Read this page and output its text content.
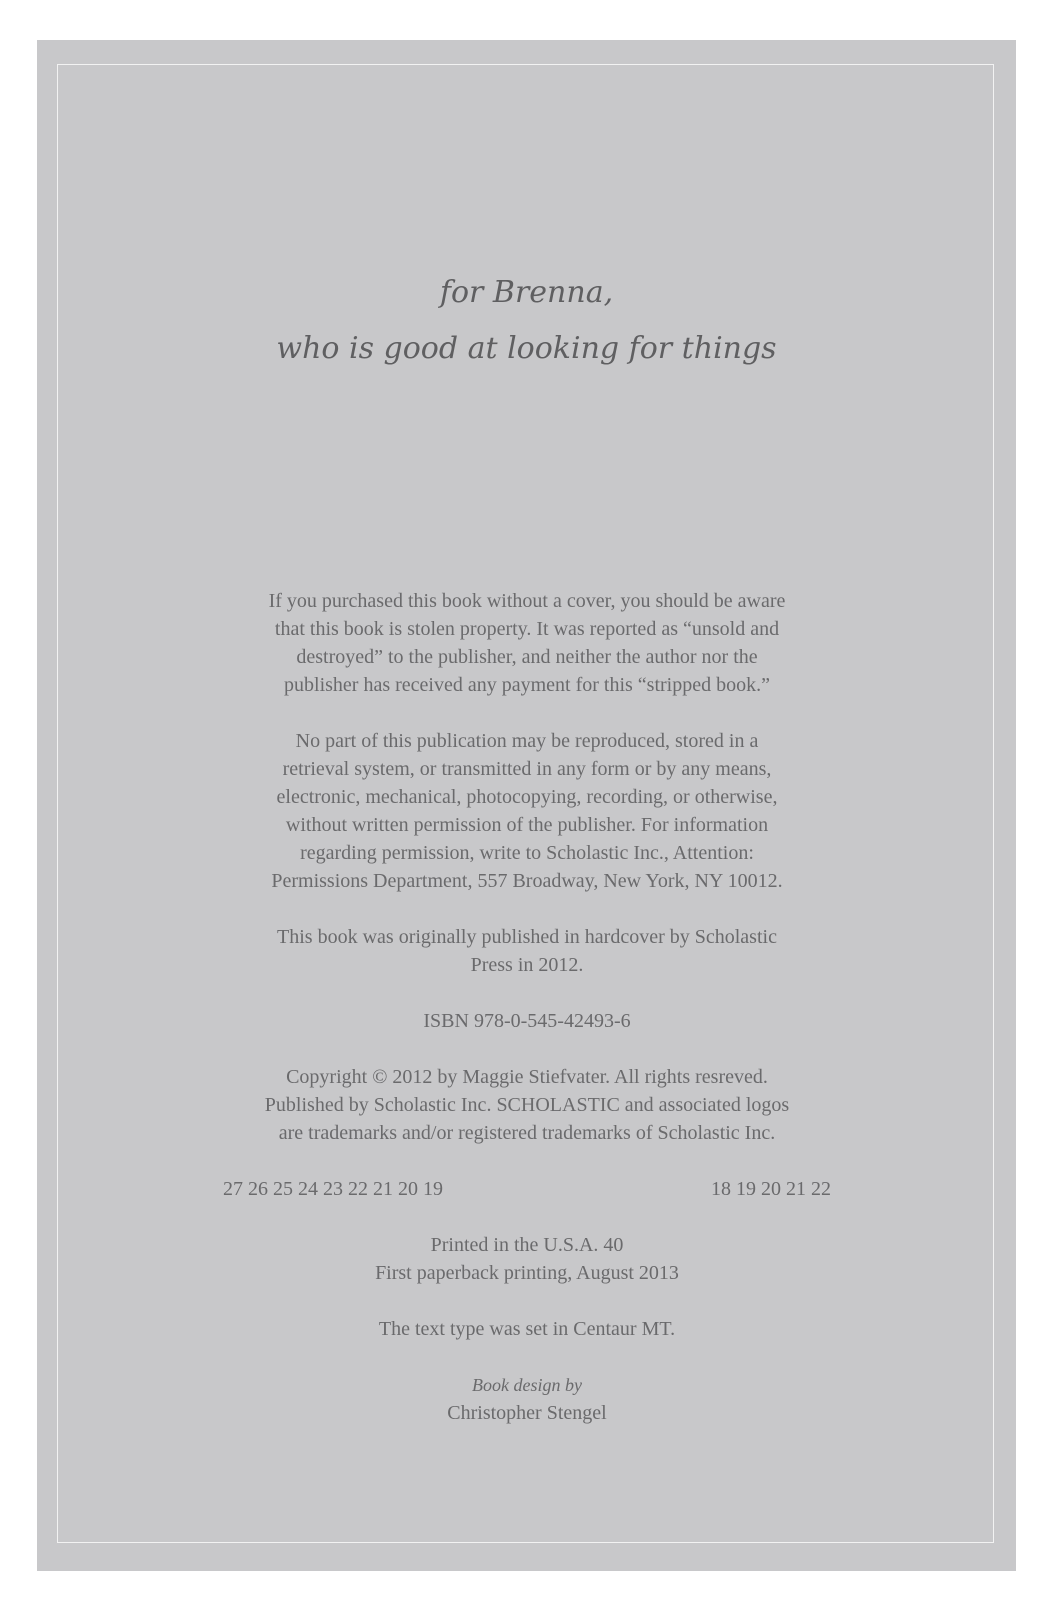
for Brenna,
who is good at looking for things
If you purchased this book without a cover, you should be aware
that this book is stolen property. It was reported as “unsold and
destroyed” to the publisher, and neither the author nor the
publisher has received any payment for this “stripped book.”
No part of this publication may be reproduced, stored in a
retrieval system, or transmitted in any form or by any means,
electronic, mechanical, photocopying, recording, or otherwise,
without written permission of the publisher. For information
regarding permission, write to Scholastic Inc., Attention:
Permissions Department, 557 Broadway, New York, NY 10012.
This book was originally published in hardcover by Scholastic
Press in 2012.
ISBN 978-0-545-42493-6
Copyright © 2012 by Maggie Stiefvater. All rights resreved.
Published by Scholastic Inc. SCHOLASTIC and associated logos
are trademarks and/or registered trademarks of Scholastic Inc.
27 26 25 24 23 22 21 20 19	18 19 20 21 22
Printed in the U.S.A. 40
First paperback printing, August 2013
The text type was set in Centaur MT.
Book design by
Christopher Stengel
